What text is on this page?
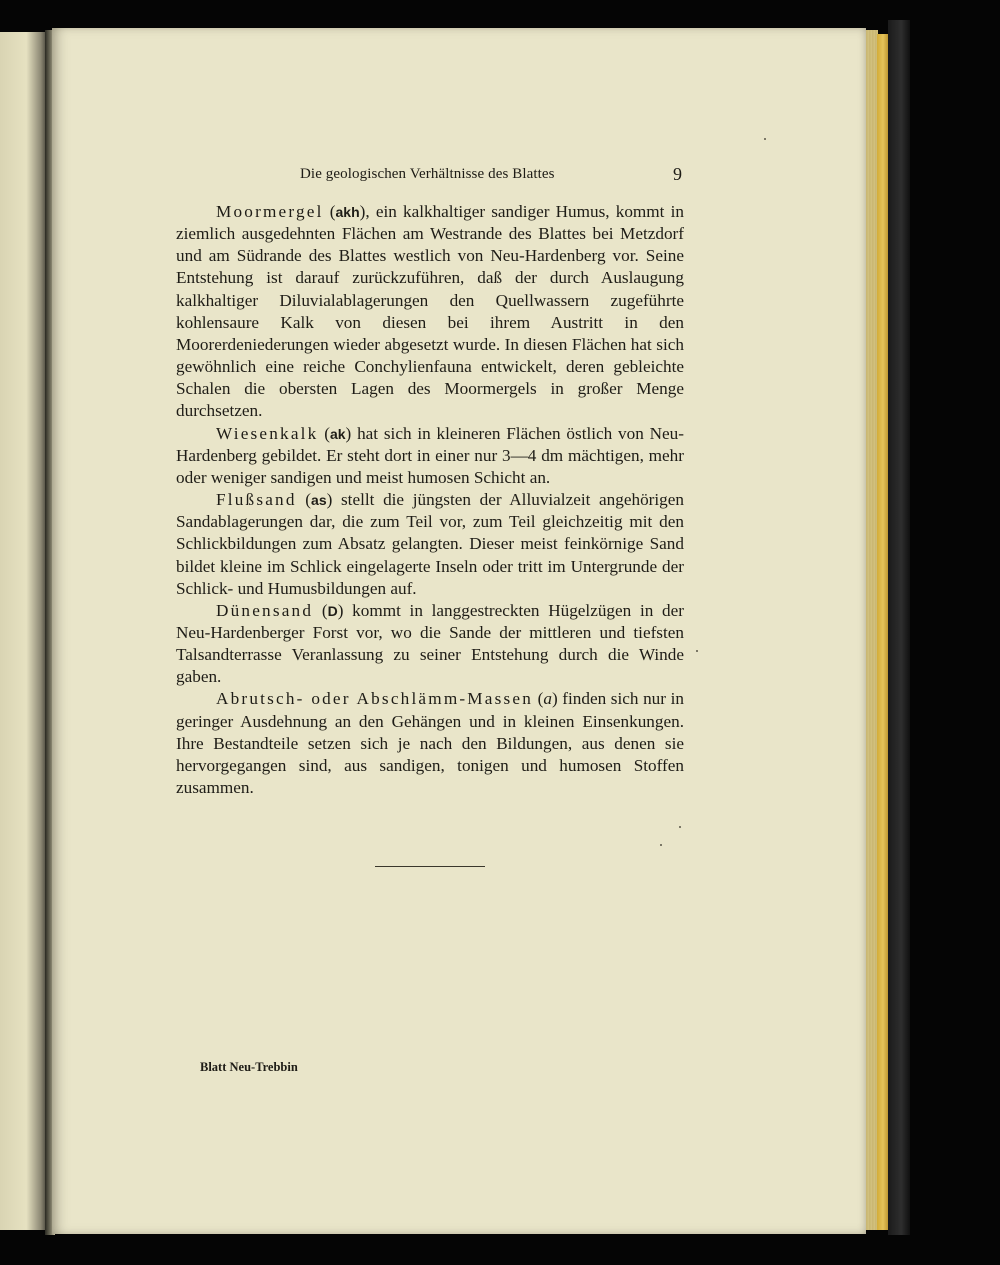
Die geologischen Verhältnisse des Blattes	9

Moormergel (akh), ein kalkhaltiger sandiger Humus, kommt in ziemlich ausgedehnten Flächen am Westrande des Blattes bei Metzdorf und am Südrande des Blattes westlich von Neu-Hardenberg vor. Seine Entstehung ist darauf zurückzuführen, daß der durch Auslaugung kalkhaltiger Diluvialablagerungen den Quellwassern zugeführte kohlensaure Kalk von diesen bei ihrem Austritt in den Moorerdeniederungen wieder abgesetzt wurde. In diesen Flächen hat sich gewöhnlich eine reiche Conchylienfauna entwickelt, deren gebleichte Schalen die obersten Lagen des Moormergels in großer Menge durchsetzen.

Wiesenkalk (ak) hat sich in kleineren Flächen östlich von Neu-Hardenberg gebildet. Er steht dort in einer nur 3—4 dm mächtigen, mehr oder weniger sandigen und meist humosen Schicht an.

Flußsand (as) stellt die jüngsten der Alluvialzeit angehörigen Sandablagerungen dar, die zum Teil vor, zum Teil gleichzeitig mit den Schlickbildungen zum Absatz gelangten. Dieser meist feinkörnige Sand bildet kleine im Schlick eingelagerte Inseln oder tritt im Untergrunde der Schlick- und Humusbildungen auf.

Dünensand (D) kommt in langgestreckten Hügelzügen in der Neu-Hardenberger Forst vor, wo die Sande der mittleren und tiefsten Talsandterrasse Veranlassung zu seiner Entstehung durch die Winde gaben.

Abrutsch- oder Abschlämm-Massen (a) finden sich nur in geringer Ausdehnung an den Gehängen und in kleinen Einsenkungen. Ihre Bestandteile setzen sich je nach den Bildungen, aus denen sie hervorgegangen sind, aus sandigen, tonigen und humosen Stoffen zusammen.

Blatt Neu-Trebbin
